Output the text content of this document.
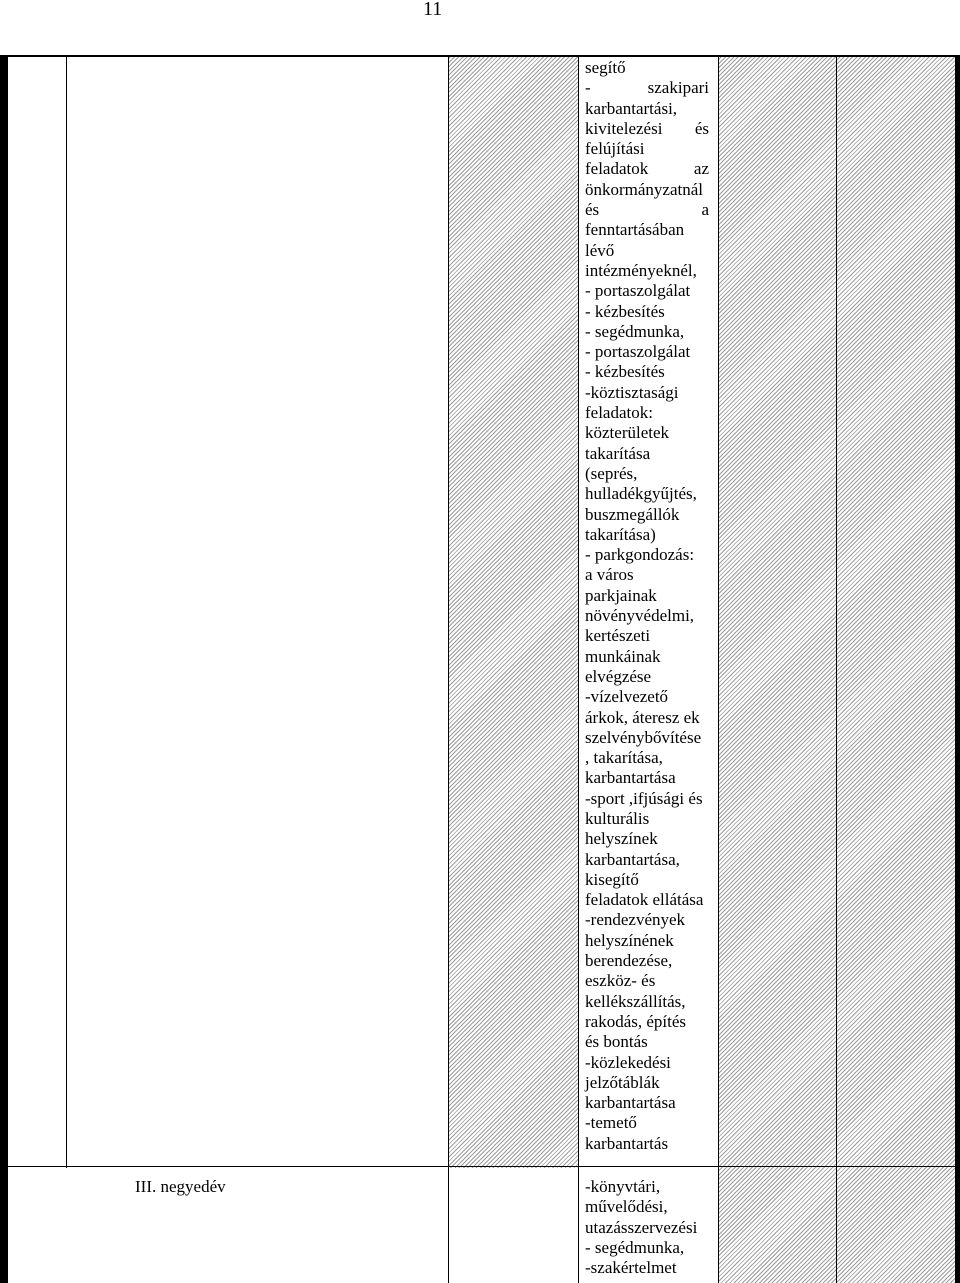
11
segítő
-	szakipari
karbantartási,
kivitelezési és
felújítási
feladatok	az
önkormányzatnál
és	a
fenntartásában
lévő
intézményeknél,
- portaszolgálat
- kézbesítés
- segédmunka,
- portaszolgálat
- kézbesítés
-köztisztasági
feladatok:
közterületek
takarítása
(seprés,
hulladékgyűjtés,
buszmegállók
takarítása)
- parkgondozás:
a város
parkjainak
növényvédelmi,
kertészeti
munkáinak
elvégzése
-vízelvezető
árkok, áteresz ek
szelvénybővítése
, takarítása,
karbantartása
-sport ,ifjúsági és
kulturális
helyszínek
karbantartása,
kisegítő
feladatok ellátása
-rendezvények
helyszínének
berendezése,
eszköz- és
kellékszállítás,
rakodás, építés
és bontás
-közlekedési
jelzőtáblák
karbantartása
-temető
karbantartás
III. negyedév	-könyvtári,
művelődési,
utazásszervezési
- segédmunka,
-szakértelmet
